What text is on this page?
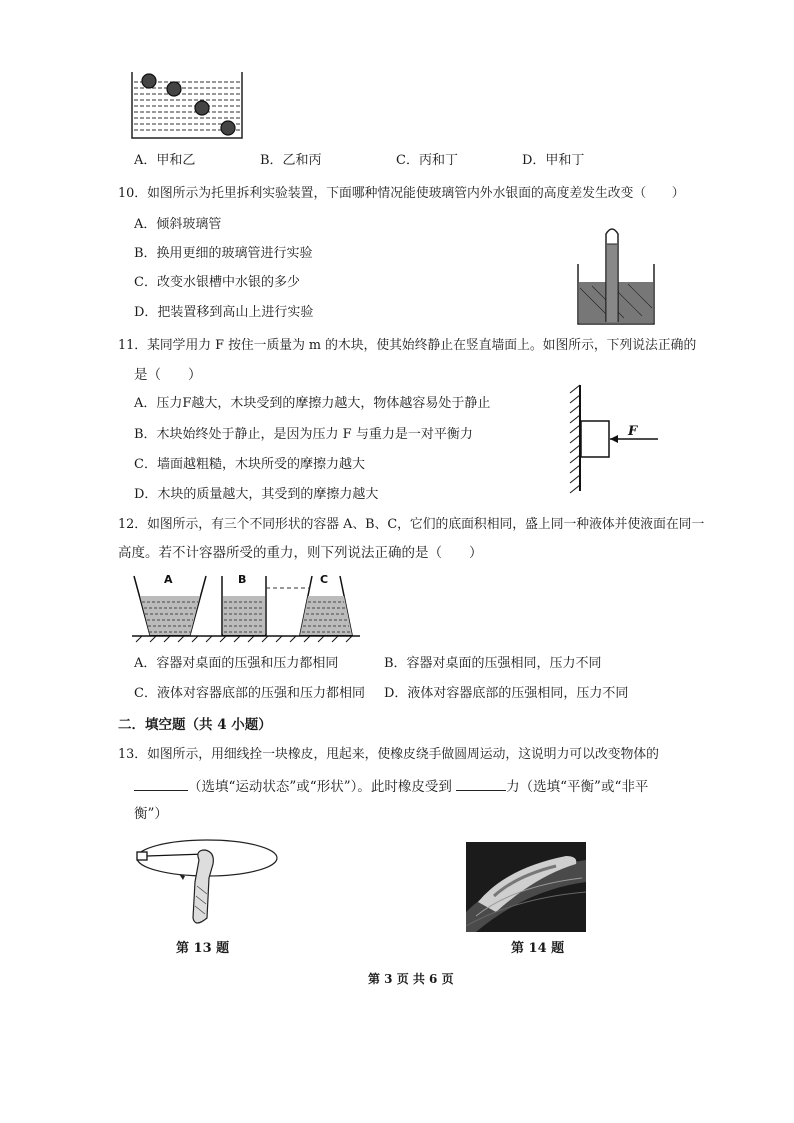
A．甲和乙	B．乙和丙	C．丙和丁	D．甲和丁
10．如图所示为托里拆利实验装置，下面哪种情况能使玻璃管内外水银面的高度差发生改变（　　）
A．倾斜玻璃管
B．换用更细的玻璃管进行实验
C．改变水银槽中水银的多少
D．把装置移到高山上进行实验
11．某同学用力 F 按住一质量为 m 的木块，使其始终静止在竖直墙面上。如图所示，下列说法正确的
是（　　）
A．压力F越大，木块受到的摩擦力越大，物体越容易处于静止
B．木块始终处于静止，是因为压力 F 与重力是一对平衡力
C．墙面越粗糙，木块所受的摩擦力越大
D．木块的质量越大，其受到的摩擦力越大
F
12．如图所示，有三个不同形状的容器 A、B、C，它们的底面积相同，盛上同一种液体并使液面在同一
高度。若不计容器所受的重力，则下列说法正确的是（　　）
A	B	C
A．容器对桌面的压强和压力都相同	B．容器对桌面的压强相同，压力不同
C．液体对容器底部的压强和压力都相同 D．液体对容器底部的压强相同，压力不同
二．填空题（共 4 小题）
13．如图所示，用细线拴一块橡皮，甩起来，使橡皮绕手做圆周运动，这说明力可以改变物体的
（选填“运动状态”或“形状”）。此时橡皮受到	力（选填“平衡”或“非平
衡”）
第 13 题	第 14 题
第 3 页 共 6 页
